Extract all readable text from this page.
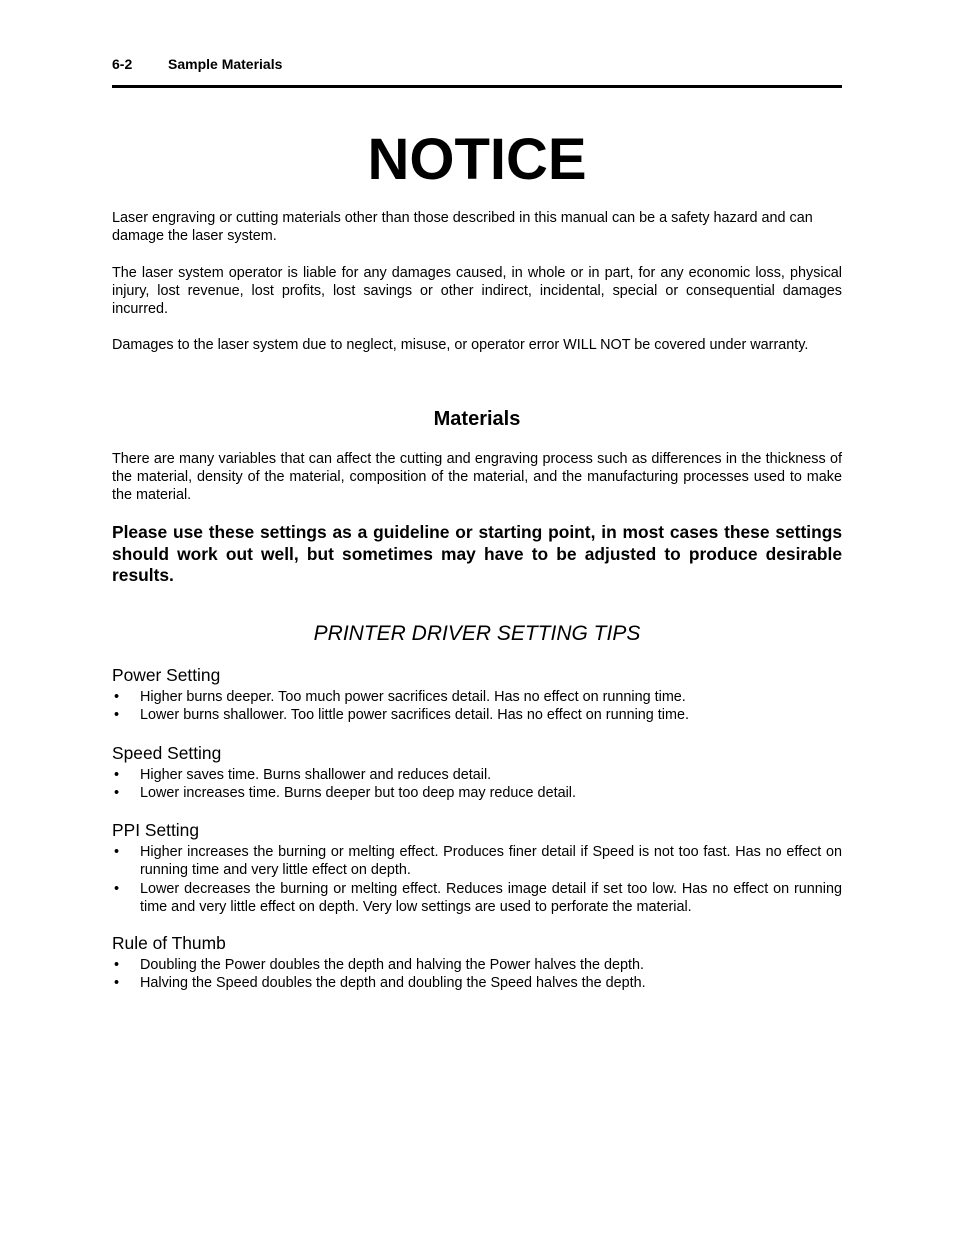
6-2	Sample Materials
NOTICE
Laser engraving or cutting materials other than those described in this manual can be a safety hazard and can damage the laser system.
The laser system operator is liable for any damages caused, in whole or in part, for any economic loss, physical injury, lost revenue, lost profits, lost savings or other indirect, incidental, special or consequential damages incurred.
Damages to the laser system due to neglect, misuse, or operator error WILL NOT be covered under warranty.
Materials
There are many variables that can affect the cutting and engraving process such as differences in the thickness of the material, density of the material, composition of the material, and the manufacturing processes used to make the material.
Please use these settings as a guideline or starting point, in most cases these settings should work out well, but sometimes may have to be adjusted to produce desirable results.
PRINTER DRIVER SETTING TIPS
Power Setting
• Higher burns deeper. Too much power sacrifices detail. Has no effect on running time.
• Lower burns shallower. Too little power sacrifices detail. Has no effect on running time.
Speed Setting
• Higher saves time. Burns shallower and reduces detail.
• Lower increases time. Burns deeper but too deep may reduce detail.
PPI Setting
• Higher increases the burning or melting effect. Produces finer detail if Speed is not too fast. Has no effect on running time and very little effect on depth.
• Lower decreases the burning or melting effect. Reduces image detail if set too low. Has no effect on running time and very little effect on depth. Very low settings are used to perforate the material.
Rule of Thumb
• Doubling the Power doubles the depth and halving the Power halves the depth.
• Halving the Speed doubles the depth and doubling the Speed halves the depth.
